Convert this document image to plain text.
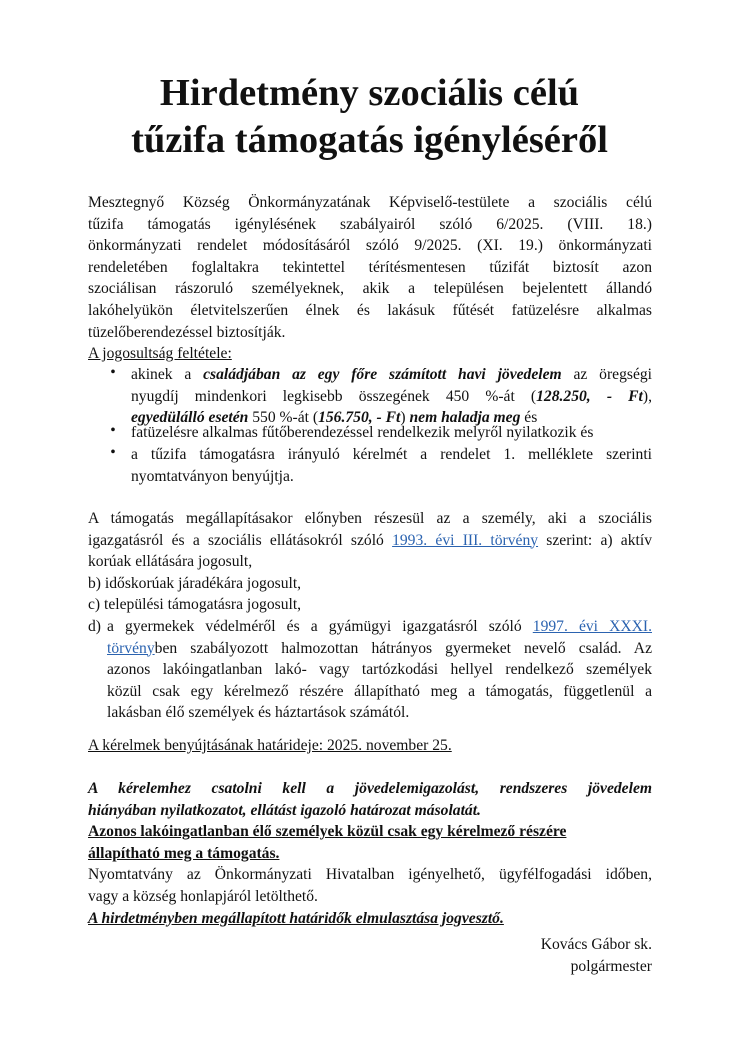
Hirdetmény szociális célú
tűzifa támogatás igényléséről
Mesztegnyő Község Önkormányzatának Képviselő-testülete a szociális célú
tűzifa támogatás igénylésének szabályairól szóló 6/2025. (VIII. 18.)
önkormányzati rendelet módosításáról szóló 9/2025. (XI. 19.) önkormányzati
rendeletében foglaltakra tekintettel térítésmentesen tűzifát biztosít azon
szociálisan rászoruló személyeknek, akik a településen bejelentett állandó
lakóhelyükön életvitelszerűen élnek és lakásuk fűtését fatüzelésre alkalmas
tüzelőberendezéssel biztosítják.
A jogosultság feltétele:
• akinek a családjában az egy főre számított havi jövedelem az öregségi
nyugdíj mindenkori legkisebb összegének 450 %-át (128.250, - Ft),
egyedülálló esetén 550 %-át (156.750, - Ft) nem haladja meg és
• fatüzelésre alkalmas fűtőberendezéssel rendelkezik melyről nyilatkozik és
• a tűzifa támogatásra irányuló kérelmét a rendelet 1. melléklete szerinti
nyomtatványon benyújtja.
A támogatás megállapításakor előnyben részesül az a személy, aki a szociális
igazgatásról és a szociális ellátásokról szóló 1993. évi III. törvény szerint: a) aktív
korúak ellátására jogosult,
b) időskorúak járadékára jogosult,
c) települési támogatásra jogosult,
d) a gyermekek védelméről és a gyámügyi igazgatásról szóló 1997. évi XXXI.
törvényben szabályozott halmozottan hátrányos gyermeket nevelő család. Az
azonos lakóingatlanban lakó- vagy tartózkodási hellyel rendelkező személyek
közül csak egy kérelmező részére állapítható meg a támogatás, függetlenül a
lakásban élő személyek és háztartások számától.
A kérelmek benyújtásának határideje: 2025. november 25.
A kérelemhez csatolni kell a jövedelemigazolást, rendszeres jövedelem
hiányában nyilatkozatot, ellátást igazoló határozat másolatát.
Azonos lakóingatlanban élő személyek közül csak egy kérelmező részére
állapítható meg a támogatás.
Nyomtatvány az Önkormányzati Hivatalban igényelhető, ügyfélfogadási időben,
vagy a község honlapjáról letölthető.
A hirdetményben megállapított határidők elmulasztása jogvesztő.
Kovács Gábor sk.
polgármester
